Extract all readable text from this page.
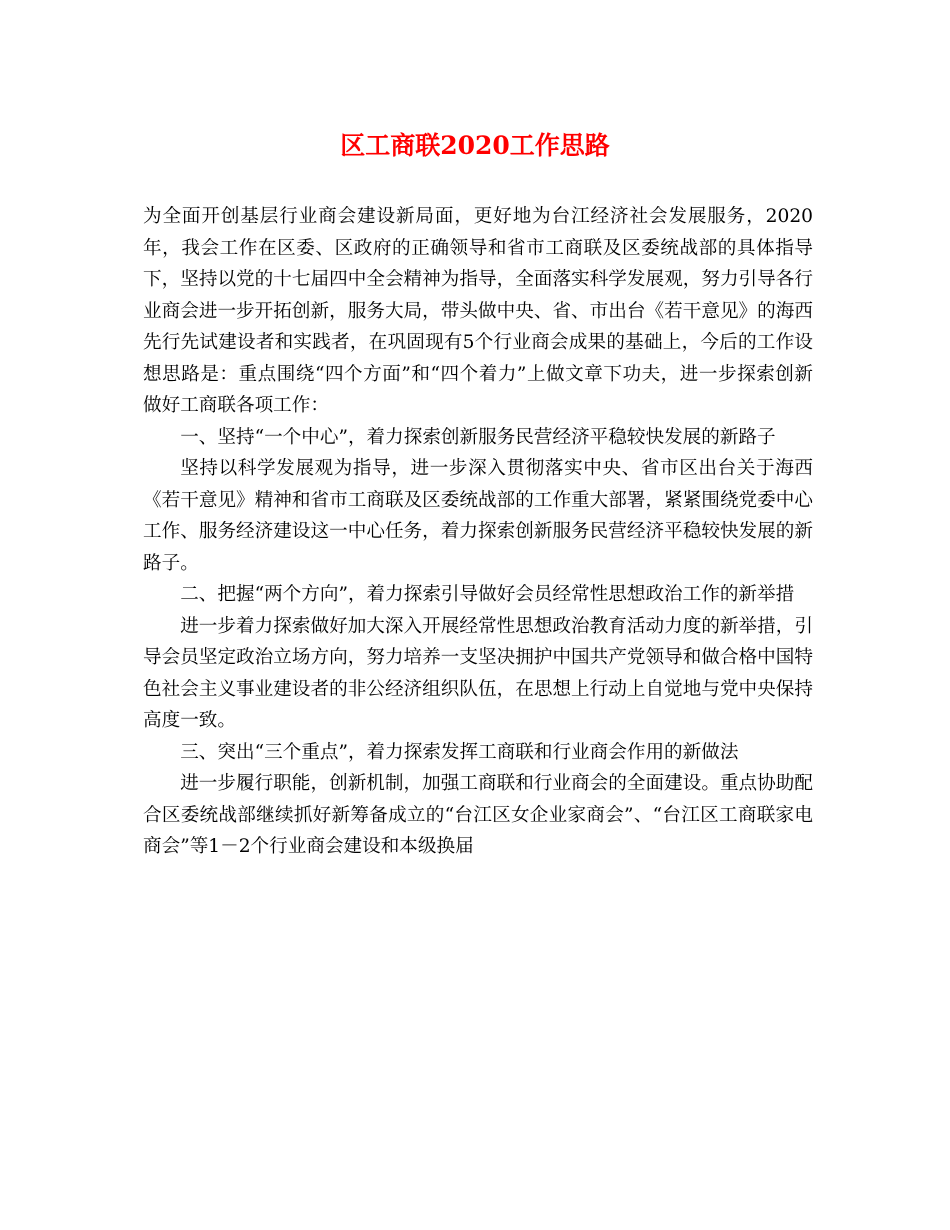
区工商联2020工作思路

为全面开创基层行业商会建设新局面，更好地为台江经济社会发展服务，2020年，我会工作在区委、区政府的正确领导和省市工商联及区委统战部的具体指导下，坚持以党的十七届四中全会精神为指导，全面落实科学发展观，努力引导各行业商会进一步开拓创新，服务大局，带头做中央、省、市出台《若干意见》的海西先行先试建设者和实践者，在巩固现有5个行业商会成果的基础上，今后的工作设想思路是：重点围绕“四个方面”和“四个着力”上做文章下功夫，进一步探索创新做好工商联各项工作：

一、坚持“一个中心”，着力探索创新服务民营经济平稳较快发展的新路子

坚持以科学发展观为指导，进一步深入贯彻落实中央、省市区出台关于海西《若干意见》精神和省市工商联及区委统战部的工作重大部署，紧紧围绕党委中心工作、服务经济建设这一中心任务，着力探索创新服务民营经济平稳较快发展的新路子。

二、把握“两个方向”，着力探索引导做好会员经常性思想政治工作的新举措

进一步着力探索做好加大深入开展经常性思想政治教育活动力度的新举措，引导会员坚定政治立场方向，努力培养一支坚决拥护中国共产党领导和做合格中国特色社会主义事业建设者的非公经济组织队伍，在思想上行动上自觉地与党中央保持高度一致。

三、突出“三个重点”，着力探索发挥工商联和行业商会作用的新做法

进一步履行职能，创新机制，加强工商联和行业商会的全面建设。重点协助配合区委统战部继续抓好新筹备成立的“台江区女企业家商会”、“台江区工商联家电商会”等1－2个行业商会建设和本级换届
